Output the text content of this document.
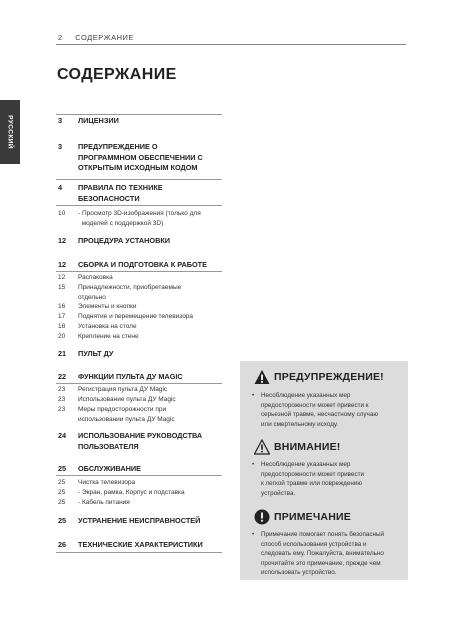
2 СОДЕРЖАНИЕ
РУССКИЙ
СОДЕРЖАНИЕ
3 ЛИЦЕНЗИИ
3 ПРЕДУПРЕЖДЕНИЕ О
ПРОГРАММНОМ ОБЕСПЕЧЕНИИ С
ОТКРЫТЫМ ИСХОДНЫМ КОДОМ
4 ПРАВИЛА ПО ТЕХНИКЕ
БЕЗОПАСНОСТИ
10 - Просмотр 3D-изображения (только для
моделей с поддержкой 3D)
12 ПРОЦЕДУРА УСТАНОВКИ
12 СБОРКА И ПОДГОТОВКА К РАБОТЕ
12 Распаковка
15 Принадлежности, приобретаемые
отдельно
16 Элементы и кнопки
17 Поднятие и перемещение телевизора
18 Установка на столе
20 Крепление на стене
21 ПУЛЬТ ДУ
22 ФУНКЦИИ ПУЛЬТА ДУ MAGIC
23 Регистрация пульта ДУ Magic
23 Использование пульта ДУ Magic
23 Меры предосторожности при
использовании пульта ДУ Magic
24 ИСПОЛЬЗОВАНИЕ РУКОВОДСТВА
ПОЛЬЗОВАТЕЛЯ
25 ОБСЛУЖИВАНИЕ
25 Чистка телевизора
25 - Экран, рамка, Корпус и подставка
25 - Кабель питания
25 УСТРАНЕНИЕ НЕИСПРАВНОСТЕЙ
26 ТЕХНИЧЕСКИЕ ХАРАКТЕРИСТИКИ
ПРЕДУПРЕЖДЕНИЕ!
• Несоблюдение указанных мер
предосторожности может привести к
серьезной травме, несчастному случаю
или смертельному исходу.
ВНИМАНИЕ!
• Несоблюдение указанных мер
предосторожности может привести
к легкой травме или повреждению
устройства.
ПРИМЕЧАНИЕ
• Примечание помогает понять безопасный
способ использования устройства и
следовать ему. Пожалуйста, внимательно
прочитайте это примечание, прежде чем
использовать устройство.
